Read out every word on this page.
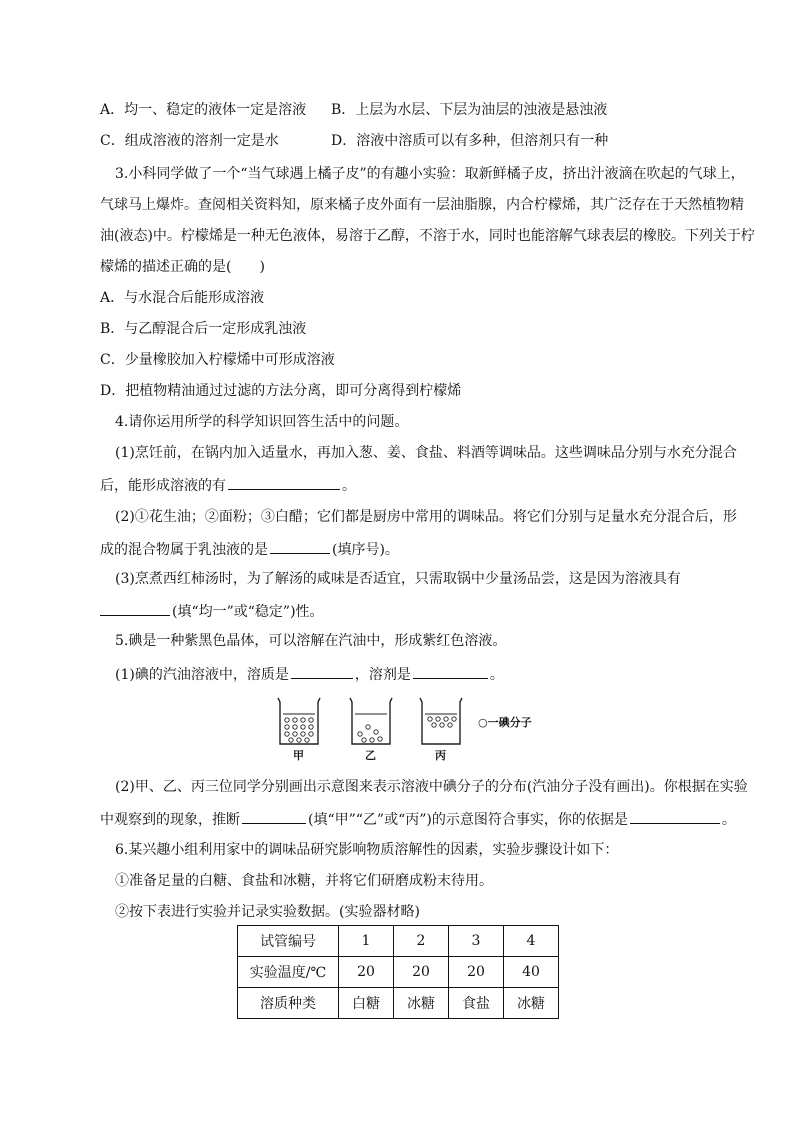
A．均一、稳定的液体一定是溶液 B．上层为水层、下层为油层的浊液是悬浊液
C．组成溶液的溶剂一定是水	D．溶液中溶质可以有多种，但溶剂只有一种
3.小科同学做了一个“当气球遇上橘子皮”的有趣小实验：取新鲜橘子皮，挤出汁液滴在吹起的气球上，
气球马上爆炸。查阅相关资料知，原来橘子皮外面有一层油脂腺，内合柠檬烯，其广泛存在于天然植物精
油(液态)中。柠檬烯是一种无色液体，易溶于乙醇，不溶于水，同时也能溶解气球表层的橡胶。下列关于柠
檬烯的描述正确的是(　　)
A．与水混合后能形成溶液
B．与乙醇混合后一定形成乳浊液
C．少量橡胶加入柠檬烯中可形成溶液
D．把植物精油通过过滤的方法分离，即可分离得到柠檬烯
4.请你运用所学的科学知识回答生活中的问题。
(1)烹饪前，在锅内加入适量水，再加入葱、姜、食盐、料酒等调味品。这些调味品分别与水充分混合
后，能形成溶液的有	。
(2)①花生油；②面粉；③白醋；它们都是厨房中常用的调味品。将它们分别与足量水充分混合后，形
成的混合物属于乳浊液的是	(填序号)。
(3)烹煮西红柿汤时，为了解汤的咸味是否适宜，只需取锅中少量汤品尝，这是因为溶液具有
(填“均一”或“稳定”)性。
5.碘是一种紫黑色晶体，可以溶解在汽油中，形成紫红色溶液。
(1)碘的汽油溶液中，溶质是	，溶剂是	。
甲	乙	丙
○一碘分子
(2)甲、乙、丙三位同学分别画出示意图来表示溶液中碘分子的分布(汽油分子没有画出)。你根据在实验
中观察到的现象，推断	(填“甲”“乙”或“丙”)的示意图符合事实，你的依据是	。
6.某兴趣小组利用家中的调味品研究影响物质溶解性的因素，实验步骤设计如下：
①准备足量的白糖、食盐和冰糖，并将它们研磨成粉末待用。
②按下表进行实验并记录实验数据。(实验器材略)
试管编号	1	2	3	4
实验温度/℃	20	20	20	40
溶质种类	白糖	冰糖	食盐	冰糖
